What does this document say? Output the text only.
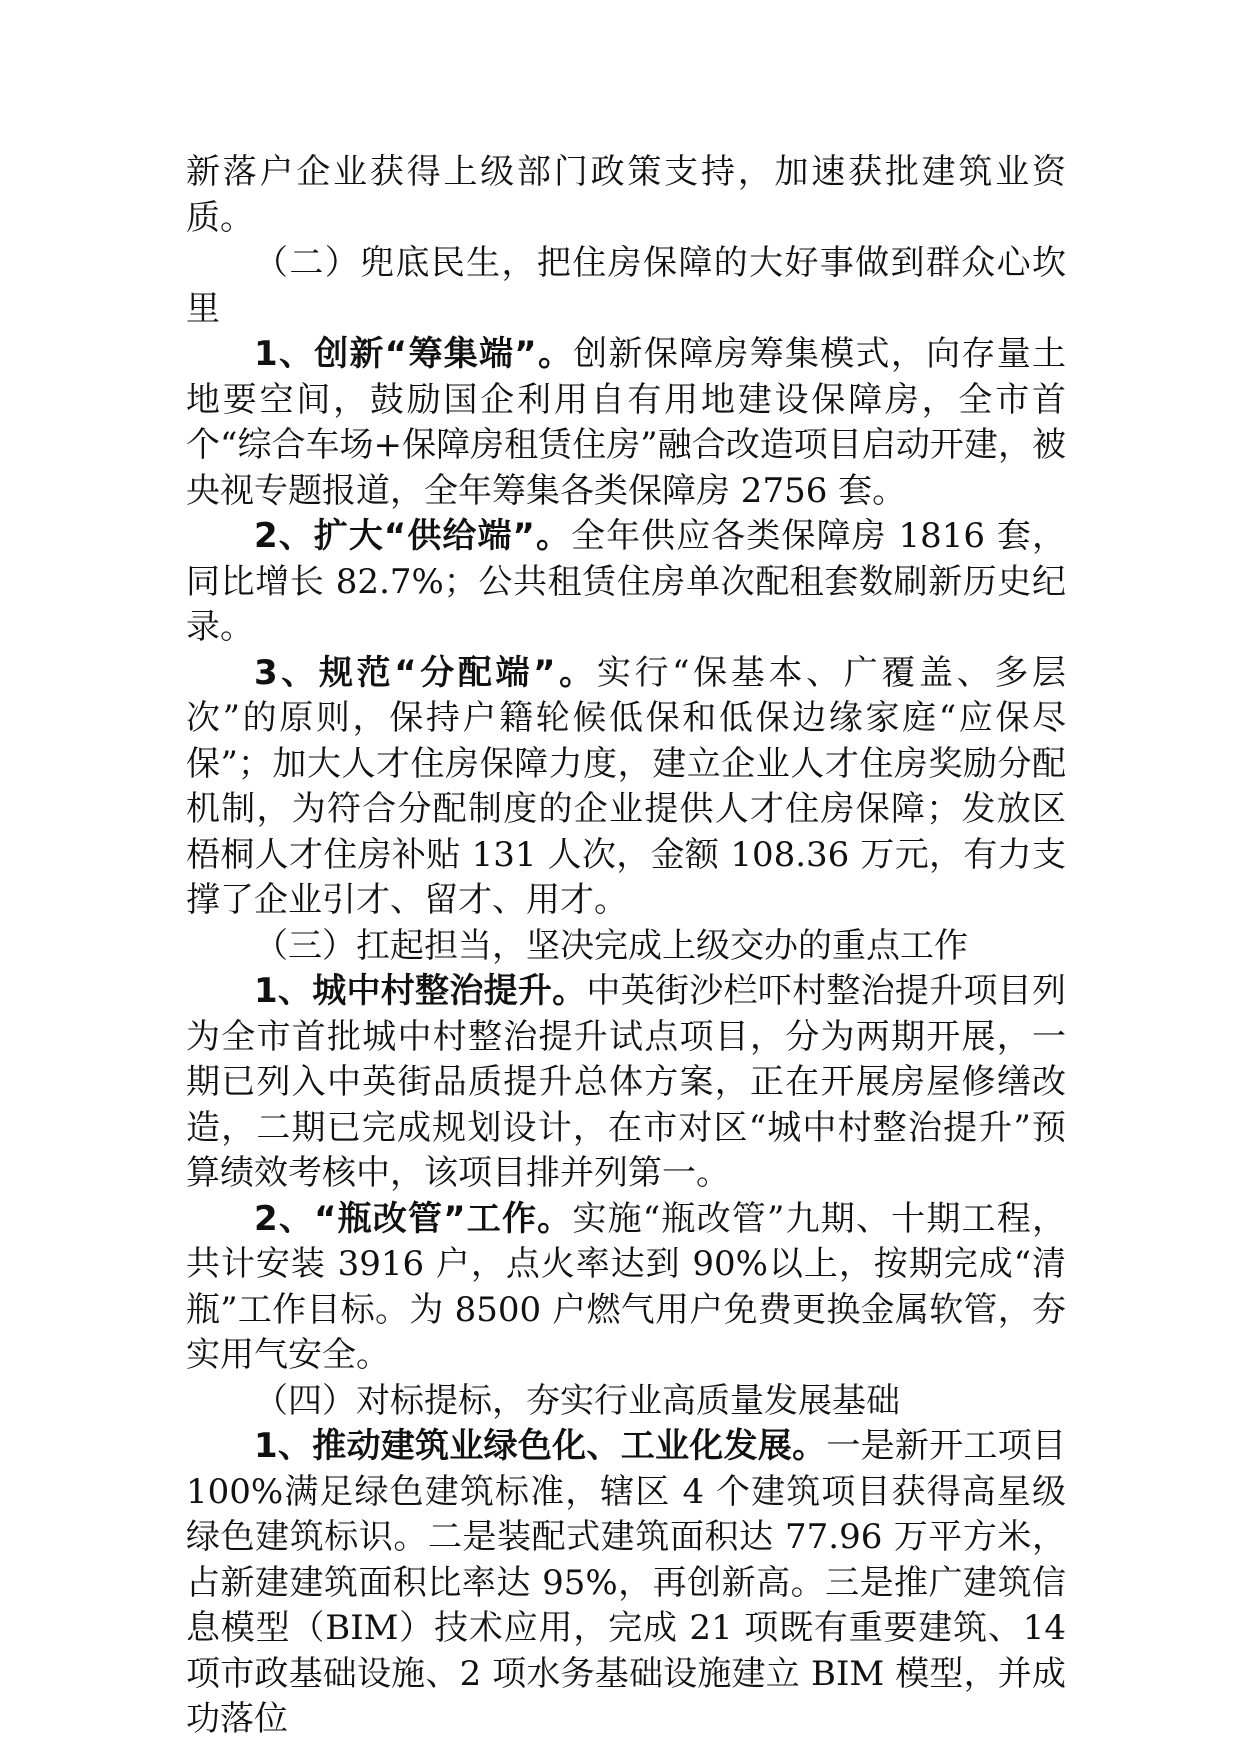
新落户企业获得上级部门政策支持，加速获批建筑业资质。

（二）兜底民生，把住房保障的大好事做到群众心坎里

1、创新“筹集端”。创新保障房筹集模式，向存量土地要空间，鼓励国企利用自有用地建设保障房，全市首个“综合车场+保障房租赁住房”融合改造项目启动开建，被央视专题报道，全年筹集各类保障房 2756 套。

2、扩大“供给端”。全年供应各类保障房 1816 套，同比增长 82.7%；公共租赁住房单次配租套数刷新历史纪录。

3、规范“分配端”。实行“保基本、广覆盖、多层次”的原则，保持户籍轮候低保和低保边缘家庭“应保尽保”；加大人才住房保障力度，建立企业人才住房奖励分配机制，为符合分配制度的企业提供人才住房保障；发放区梧桐人才住房补贴 131 人次，金额 108.36 万元，有力支撑了企业引才、留才、用才。

（三）扛起担当，坚决完成上级交办的重点工作

1、城中村整治提升。中英街沙栏吓村整治提升项目列为全市首批城中村整治提升试点项目，分为两期开展，一期已列入中英街品质提升总体方案，正在开展房屋修缮改造，二期已完成规划设计，在市对区“城中村整治提升”预算绩效考核中，该项目排并列第一。

2、“瓶改管”工作。实施“瓶改管”九期、十期工程，共计安装 3916 户，点火率达到 90%以上，按期完成“清瓶”工作目标。为 8500 户燃气用户免费更换金属软管，夯实用气安全。

（四）对标提标，夯实行业高质量发展基础

1、推动建筑业绿色化、工业化发展。一是新开工项目 100%满足绿色建筑标准，辖区 4 个建筑项目获得高星级绿色建筑标识。二是装配式建筑面积达 77.96 万平方米，占新建建筑面积比率达 95%，再创新高。三是推广建筑信息模型（BIM）技术应用，完成 21 项既有重要建筑、14 项市政基础设施、2 项水务基础设施建立 BIM 模型，并成功落位
